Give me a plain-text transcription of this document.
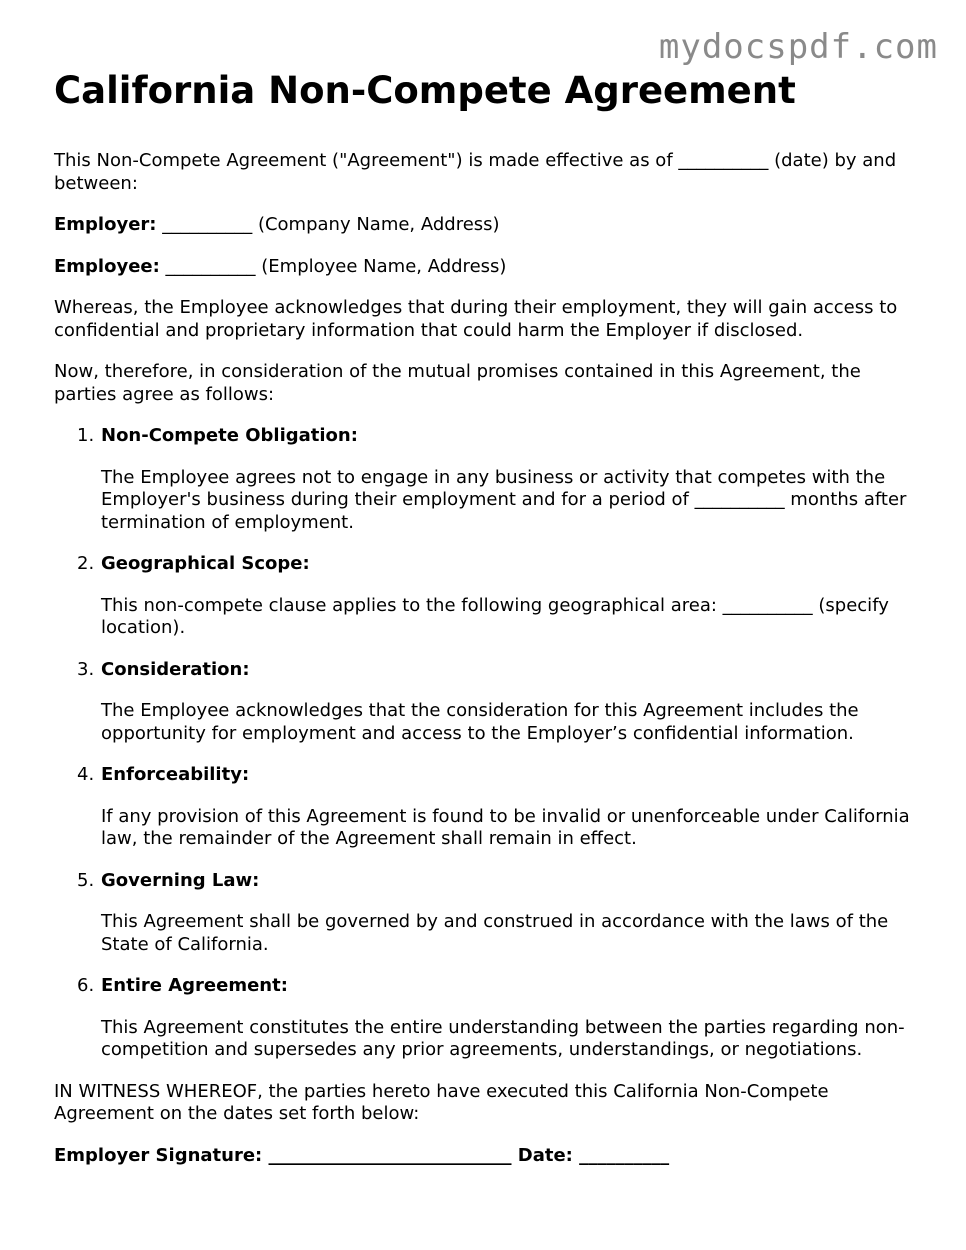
mydocspdf.com
California Non-Compete Agreement

This Non-Compete Agreement ("Agreement") is made effective as of __________ (date) by and between:

Employer: __________ (Company Name, Address)

Employee: __________ (Employee Name, Address)

Whereas, the Employee acknowledges that during their employment, they will gain access to confidential and proprietary information that could harm the Employer if disclosed.

Now, therefore, in consideration of the mutual promises contained in this Agreement, the parties agree as follows:

1. Non-Compete Obligation:
The Employee agrees not to engage in any business or activity that competes with the Employer's business during their employment and for a period of __________ months after termination of employment.
2. Geographical Scope:
This non-compete clause applies to the following geographical area: __________ (specify location).
3. Consideration:
The Employee acknowledges that the consideration for this Agreement includes the opportunity for employment and access to the Employer’s confidential information.
4. Enforceability:
If any provision of this Agreement is found to be invalid or unenforceable under California law, the remainder of the Agreement shall remain in effect.
5. Governing Law:
This Agreement shall be governed by and construed in accordance with the laws of the State of California.
6. Entire Agreement:
This Agreement constitutes the entire understanding between the parties regarding non-competition and supersedes any prior agreements, understandings, or negotiations.

IN WITNESS WHEREOF, the parties hereto have executed this California Non-Compete Agreement on the dates set forth below:

Employer Signature: ___________________________ Date: __________
